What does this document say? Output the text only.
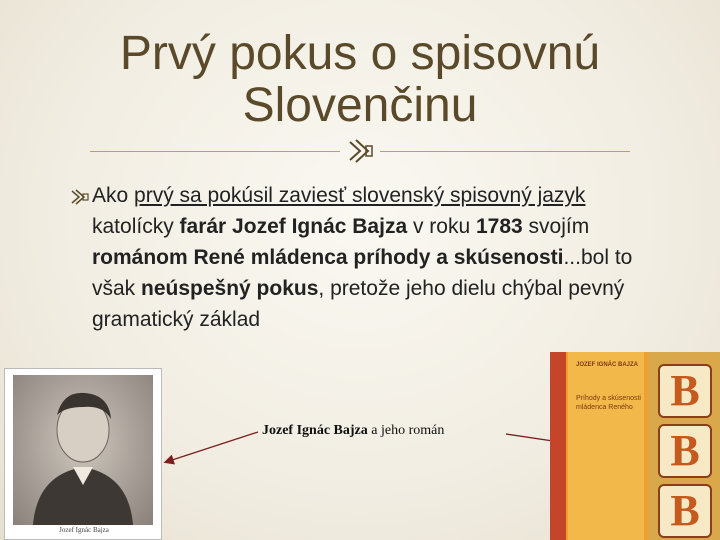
Prvý pokus o spisovnú
Slovenčinu
Ako prvý sa pokúsil zaviesť slovenský spisovný jazyk katolícky farár Jozef Ignác Bajza v roku 1783 svojím románom René mládenca príhody a skúsenosti...bol to však neúspešný pokus, pretože jeho dielu chýbal pevný gramatický základ
Jozef Ignác Bajza
Jozef Ignác Bajza a jeho román
JOZEF IGNÁC BAJZA
Príhody a skúsenosti mládenca Reného B
B
B
